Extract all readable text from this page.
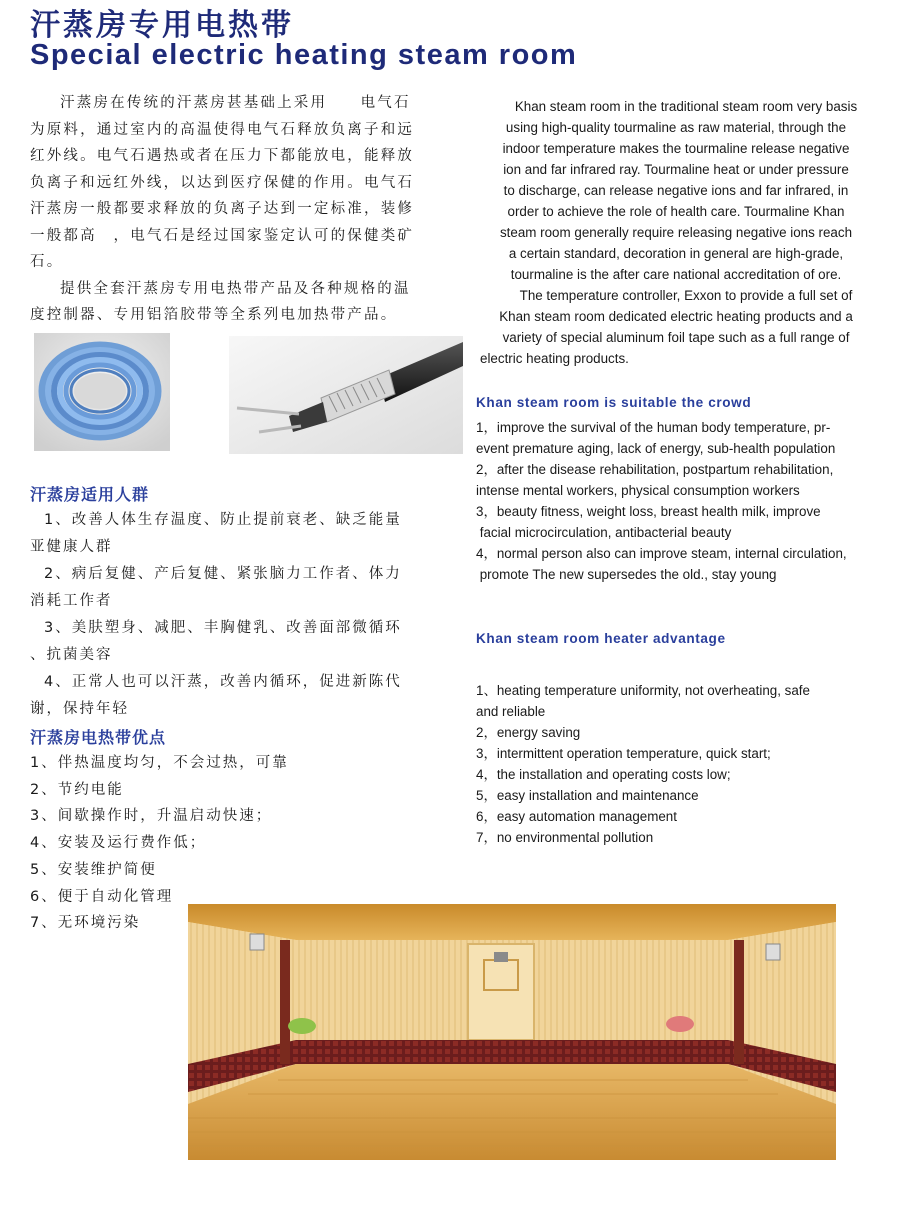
汗蒸房专用电热带
Special electric heating steam room
汗蒸房在传统的汗蒸房甚基础上采用　　电气石
为原料，通过室内的高温使得电气石释放负离子和远
红外线。电气石遇热或者在压力下都能放电，能释放
负离子和远红外线，以达到医疗保健的作用。电气石
汗蒸房一般都要求释放的负离子达到一定标准，装修
一般都高　，电气石是经过国家鉴定认可的保健类矿
石。
提供全套汗蒸房专用电热带产品及各种规格的温
度控制器、专用铝箔胶带等全系列电加热带产品。
Khan steam room in the traditional steam room very basis
using high-quality tourmaline as raw material, through the
indoor temperature makes the tourmaline release negative
ion and far infrared ray. Tourmaline heat or under pressure
to discharge, can release negative ions and far infrared, in
order to achieve the role of health care. Tourmaline Khan
steam room generally require releasing negative ions reach
a certain standard, decoration in general are high-grade,
tourmaline is the after care national accreditation of ore.
The temperature controller, Exxon to provide a full set of
Khan steam room dedicated electric heating products and a
variety of special aluminum foil tape such as a full range of
electric heating products.
汗蒸房适用人群
1、改善人体生存温度、防止提前衰老、缺乏能量
亚健康人群
2、病后复健、产后复健、紧张脑力工作者、体力
消耗工作者
3、美肤塑身、减肥、丰胸健乳、改善面部微循环
、抗菌美容
4、正常人也可以汗蒸，改善内循环，促进新陈代
谢，保持年轻
汗蒸房电热带优点
1、伴热温度均匀，不会过热，可靠
2、节约电能
3、间歇操作时，升温启动快速；
4、安装及运行费作低；
5、安装维护简便
6、便于自动化管理
7、无环境污染
Khan steam room is suitable the crowd
1，improve the survival of the human body temperature, pr-
event premature aging, lack of energy, sub-health population
2，after the disease rehabilitation, postpartum rehabilitation,
intense mental workers, physical consumption workers
3，beauty fitness, weight loss, breast health milk, improve
facial microcirculation, antibacterial beauty
4，normal person also can improve steam, internal circulation,
promote The new supersedes the old., stay young
Khan steam room heater advantage
1、heating temperature uniformity, not overheating, safe
and reliable
2，energy saving
3，intermittent operation temperature, quick start;
4，the installation and operating costs low;
5，easy installation and maintenance
6，easy automation management
7，no environmental pollution
